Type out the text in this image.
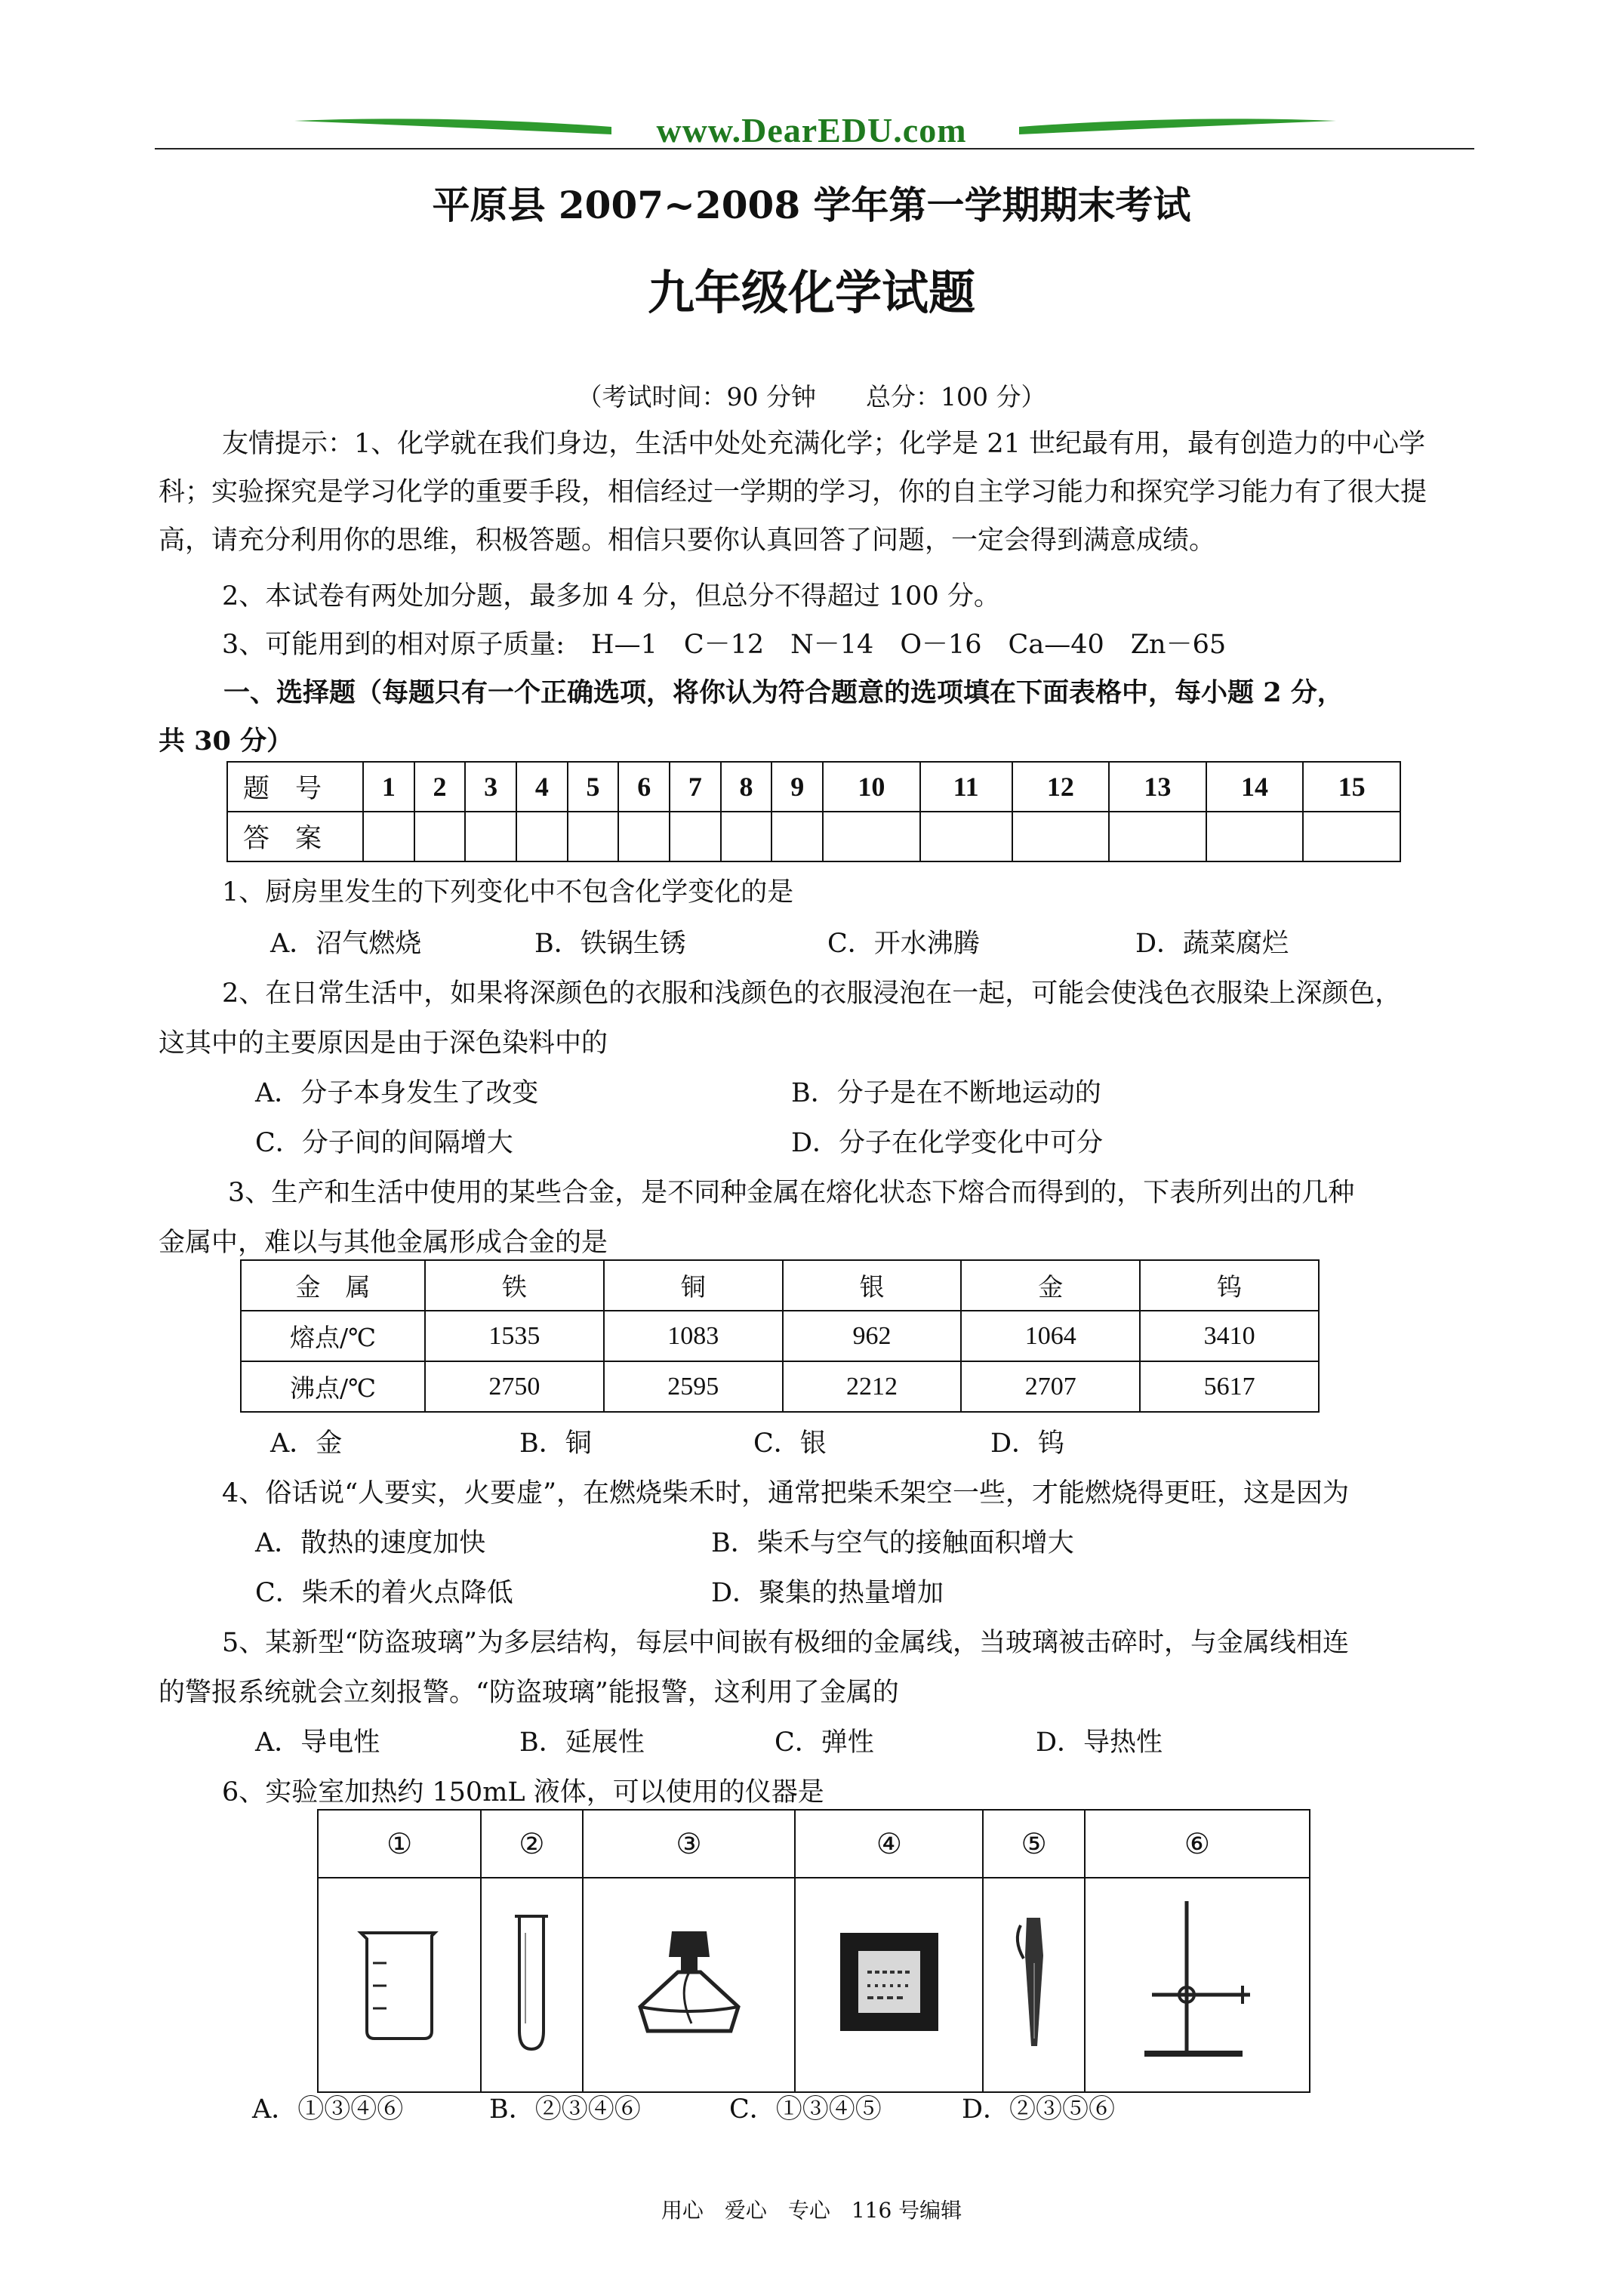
www.DearEDU.com
平原县 2007~2008 学年第一学期期末考试
九年级化学试题
（考试时间：90 分钟　　总分：100 分）
友情提示：1、化学就在我们身边，生活中处处充满化学；化学是 21 世纪最有用，最有创造力的中心学科；实验探究是学习化学的重要手段，相信经过一学期的学习，你的自主学习能力和探究学习能力有了很大提高，请充分利用你的思维，积极答题。相信只要你认真回答了问题，一定会得到满意成绩。
2、本试卷有两处加分题，最多加 4 分，但总分不得超过 100 分。
3、可能用到的相对原子质量:　H—1　C－12　N－14　O－16　Ca—40　Zn－65
一、选择题（每题只有一个正确选项，将你认为符合题意的选项填在下面表格中，每小题 2 分，
共 30 分）
题号	1	2	3	4	5	6	7	8	9	10	11	12	13	14	15
答案															
1、厨房里发生的下列变化中不包含化学变化的是
A．沼气燃烧	B．铁锅生锈	C．开水沸腾	D．蔬菜腐烂
2、在日常生活中，如果将深颜色的衣服和浅颜色的衣服浸泡在一起，可能会使浅色衣服染上深颜色，
这其中的主要原因是由于深色染料中的
A．分子本身发生了改变	B．分子是在不断地运动的
C．分子间的间隔增大	D．分子在化学变化中可分
3、生产和生活中使用的某些合金，是不同种金属在熔化状态下熔合而得到的，下表所列出的几种
金属中，难以与其他金属形成合金的是
金　属	铁	铜	银	金	钨
熔点/℃	1535	1083	962	1064	3410
沸点/℃	2750	2595	2212	2707	5617
A．金	B．铜	C．银	D．钨
4、俗话说“人要实，火要虚”，在燃烧柴禾时，通常把柴禾架空一些，才能燃烧得更旺，这是因为
A．散热的速度加快	B．柴禾与空气的接触面积增大
C．柴禾的着火点降低	D．聚集的热量增加
5、某新型“防盗玻璃”为多层结构，每层中间嵌有极细的金属线，当玻璃被击碎时，与金属线相连
的警报系统就会立刻报警。“防盗玻璃”能报警，这利用了金属的
A．导电性	B．延展性	C．弹性	D．导热性
6、实验室加热约 150mL 液体，可以使用的仪器是
①	②	③	④	⑤	⑥

A．①③④⑥	B．②③④⑥	C．①③④⑤	D．②③⑤⑥
用心　爱心　专心　116 号编辑
